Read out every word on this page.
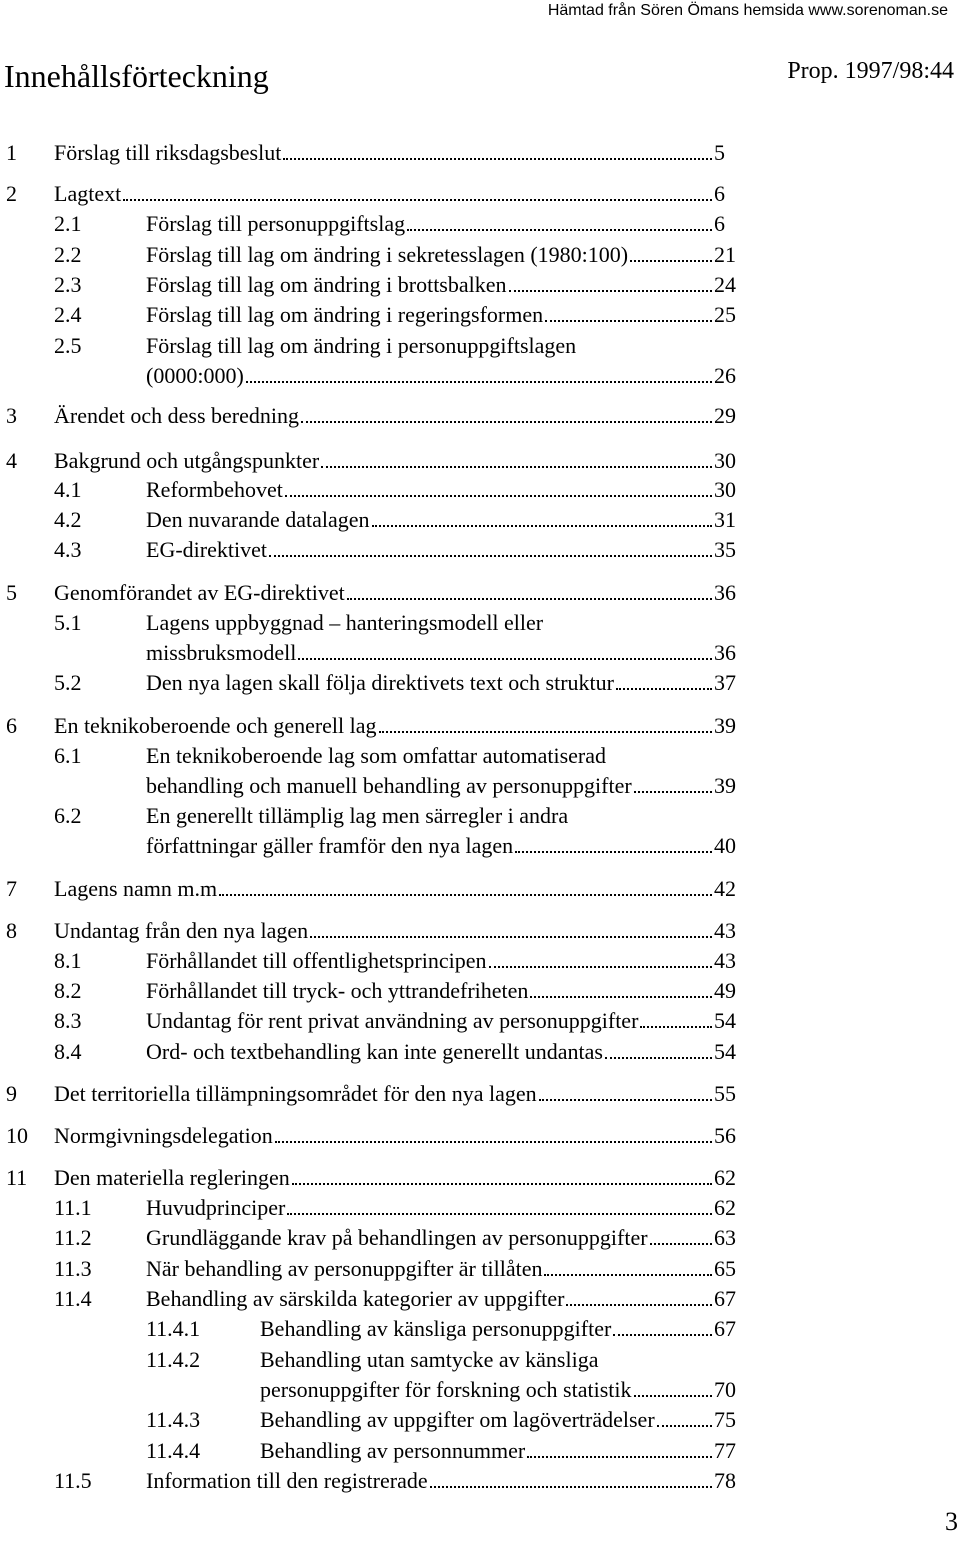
Hämtad från Sören Ömans hemsida www.sorenoman.se
Innehållsförteckning	Prop. 1997/98:44
1 Förslag till riksdagsbeslut	5
2 Lagtext	6
2.1	Förslag till personuppgiftslag	6
2.2	Förslag till lag om ändring i sekretesslagen (1980:100)	21
2.3	Förslag till lag om ändring i brottsbalken	24
2.4	Förslag till lag om ändring i regeringsformen	25
2.5	Förslag till lag om ändring i personuppgiftslagen
(0000:000)	26
3 Ärendet och dess beredning	29
4 Bakgrund och utgångspunkter	30
4.1	Reformbehovet	30
4.2	Den nuvarande datalagen	31
4.3	EG-direktivet	35
5 Genomförandet av EG-direktivet	36
5.1	Lagens uppbyggnad – hanteringsmodell eller
missbruksmodell	36
5.2	Den nya lagen skall följa direktivets text och struktur	37
6 En teknikoberoende och generell lag	39
6.1	En teknikoberoende lag som omfattar automatiserad
behandling och manuell behandling av personuppgifter	39
6.2	En generellt tillämplig lag men särregler i andra
författningar gäller framför den nya lagen	40
7 Lagens namn m.m	42
8 Undantag från den nya lagen	43
8.1	Förhållandet till offentlighetsprincipen	43
8.2	Förhållandet till tryck- och yttrandefriheten	49
8.3	Undantag för rent privat användning av personuppgifter	54
8.4	Ord- och textbehandling kan inte generellt undantas	54
9 Det territoriella tillämpningsområdet för den nya lagen	55
10 Normgivningsdelegation	56
11 Den materiella regleringen	62
11.1 Huvudprinciper	62
11.2 Grundläggande krav på behandlingen av personuppgifter	63
11.3 När behandling av personuppgifter är tillåten	65
11.4 Behandling av särskilda kategorier av uppgifter	67
11.4.1	Behandling av känsliga personuppgifter	67
11.4.2	Behandling utan samtycke av känsliga
personuppgifter för forskning och statistik	70
11.4.3	Behandling av uppgifter om lagöverträdelser	75
11.4.4	Behandling av personnummer	77
11.5 Information till den registrerade	78
3
